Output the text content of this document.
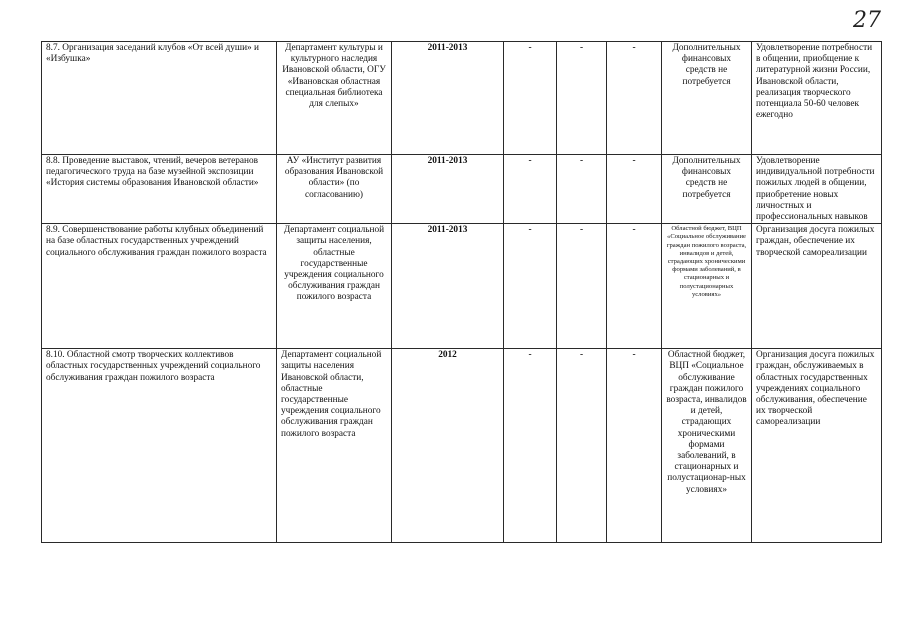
27
8.7. Организация заседаний клубов «От всей души» и «Избушка»	Департамент культуры и культурного наследия Ивановской области, ОГУ «Ивановская областная специальная библиотека для слепых»	2011-2013	-	-	-	Дополнительных финансовых средств не потребуется	Удовлетворение потребности в общении, приобщение к литературной жизни России, Ивановской области, реализация творческого потенциала 50-60 человек ежегодно
8.8. Проведение выставок, чтений, вечеров ветеранов педагогического труда на базе музейной экспозиции «История системы образования Ивановской области»	АУ «Институт развития образования Ивановской области» (по согласованию)	2011-2013	-	-	-	Дополнительных финансовых средств не потребуется	Удовлетворение индивидуальной потребности пожилых людей в общении, приобретение новых личностных и профессиональных навыков
8.9. Совершенствование работы клубных объединений на базе областных государственных учреждений социального обслуживания граждан пожилого возраста	Департамент социальной защиты населения, областные государственные учреждения социального обслуживания граждан пожилого возраста	2011-2013	-	-	-	Областной бюджет, ВЦП «Социальное обслуживание граждан пожилого возраста, инвалидов и детей, страдающих хроническими формами заболеваний, в стационарных и полустационарных условиях»	Организация досуга пожилых граждан, обеспечение их творческой самореализации
8.10. Областной смотр творческих коллективов областных государственных учреждений социального обслуживания граждан пожилого возраста	Департамент социальной защиты населения Ивановской области, областные государственные учреждения социального обслуживания граждан пожилого возраста	2012	-	-	-	Областной бюджет, ВЦП «Социальное обслуживание граждан пожилого возраста, инвалидов и детей, страдающих хроническими формами заболеваний, в стационарных и полустационар-ных условиях»	Организация досуга пожилых граждан, обслуживаемых в областных государственных учреждениях социального обслуживания, обеспечение их творческой самореализации
